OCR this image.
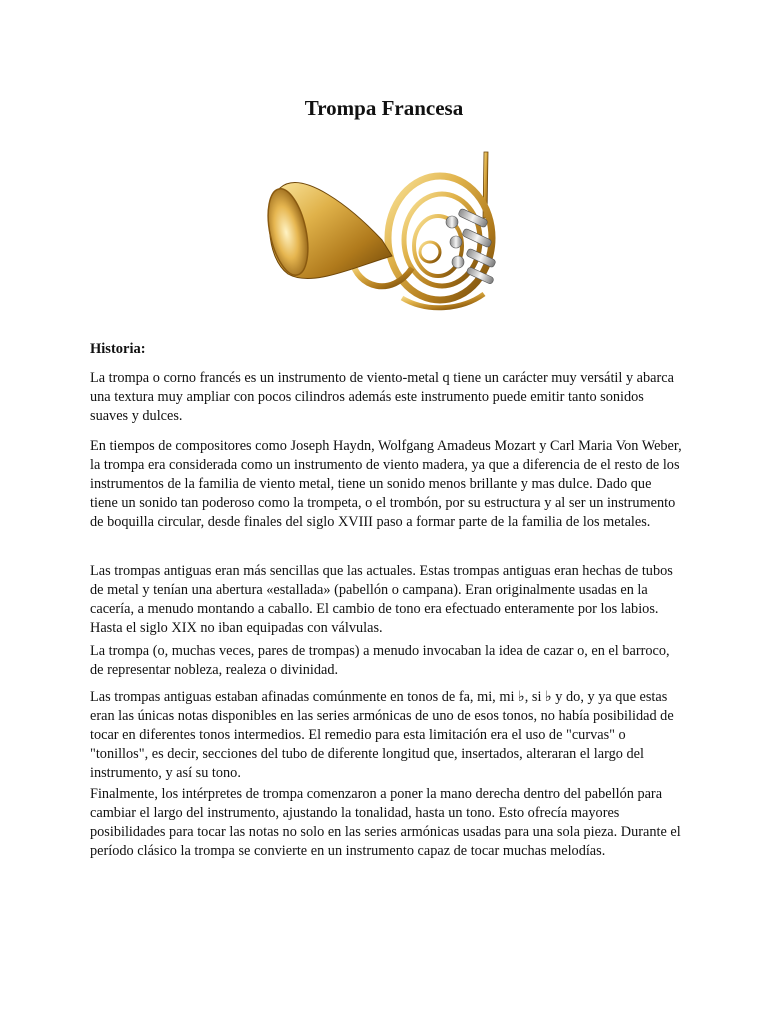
Trompa Francesa
Historia:

La trompa o corno francés es un instrumento de viento-metal q tiene un carácter muy versátil y abarca una textura muy ampliar con pocos cilindros además este instrumento puede emitir tanto sonidos suaves y dulces.

En tiempos de compositores como Joseph Haydn, Wolfgang Amadeus Mozart y Carl Maria Von Weber, la trompa era considerada como un instrumento de viento madera, ya que a diferencia de el resto de los instrumentos de la familia de viento metal, tiene un sonido menos brillante y mas dulce. Dado que tiene un sonido tan poderoso como la trompeta, o el trombón, por su estructura y al ser un instrumento de boquilla circular, desde finales del siglo XVIII paso a formar parte de la familia de los metales.

Las trompas antiguas eran más sencillas que las actuales. Estas trompas antiguas eran hechas de tubos de metal y tenían una abertura «estallada» (pabellón o campana). Eran originalmente usadas en la cacería, a menudo montando a caballo. El cambio de tono era efectuado enteramente por los labios. Hasta el siglo XIX no iban equipadas con válvulas.

La trompa (o, muchas veces, pares de trompas) a menudo invocaban la idea de cazar o, en el barroco, de representar nobleza, realeza o divinidad.

Las trompas antiguas estaban afinadas comúnmente en tonos de fa, mi, mi ♭, si ♭ y do, y ya que estas eran las únicas notas disponibles en las series armónicas de uno de esos tonos, no había posibilidad de tocar en diferentes tonos intermedios. El remedio para esta limitación era el uso de "curvas" o "tonillos", es decir, secciones del tubo de diferente longitud que, insertados, alteraran el largo del instrumento, y así su tono.

Finalmente, los intérpretes de trompa comenzaron a poner la mano derecha dentro del pabellón para cambiar el largo del instrumento, ajustando la tonalidad, hasta un tono. Esto ofrecía mayores posibilidades para tocar las notas no solo en las series armónicas usadas para una sola pieza. Durante el período clásico la trompa se convierte en un instrumento capaz de tocar muchas melodías.
